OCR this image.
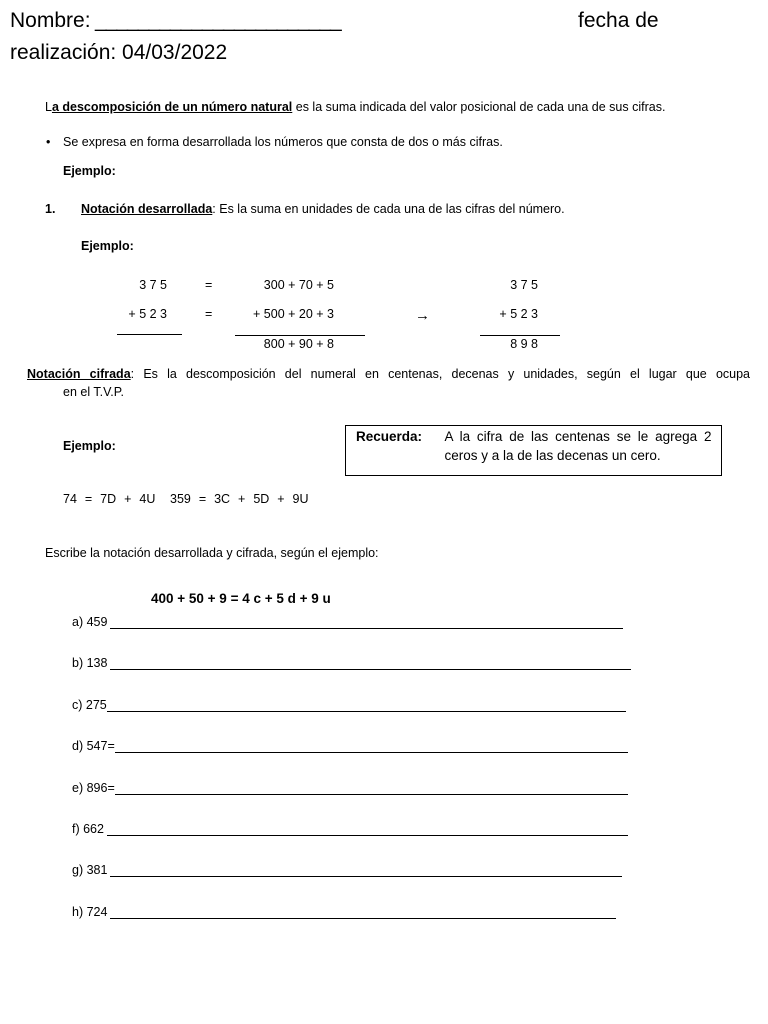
Nombre: _______________________	fecha de
realización: 04/03/2022
La descomposición de un número natural es la suma indicada del valor posicional de cada una de sus cifras.
• Se expresa en forma desarrollada los números que consta de dos o más cifras.
Ejemplo:
1. Notación desarrollada: Es la suma en unidades de cada una de las cifras del número.
Ejemplo:
3 7 5
+ 5 2 3
=
=
300 + 70 + 5
+ 500 + 20 + 3
800 + 90 + 8
→
3 7 5
+ 5 2 3
8 9 8
Notación cifrada: Es la descomposición del numeral en centenas, decenas y unidades, según el lugar que ocupa
en el T.V.P.
Ejemplo:
Recuerda: A la cifra de las centenas se le agrega 2
ceros y a la de las decenas un cero.
74 = 7D + 4U 359 = 3C + 5D + 9U
Escribe la notación desarrollada y cifrada, según el ejemplo:
400 + 50 + 9 = 4 c + 5 d + 9 u
a) 459
b) 138
c) 275
d) 547=
e) 896=
f) 662
g) 381
h) 724
